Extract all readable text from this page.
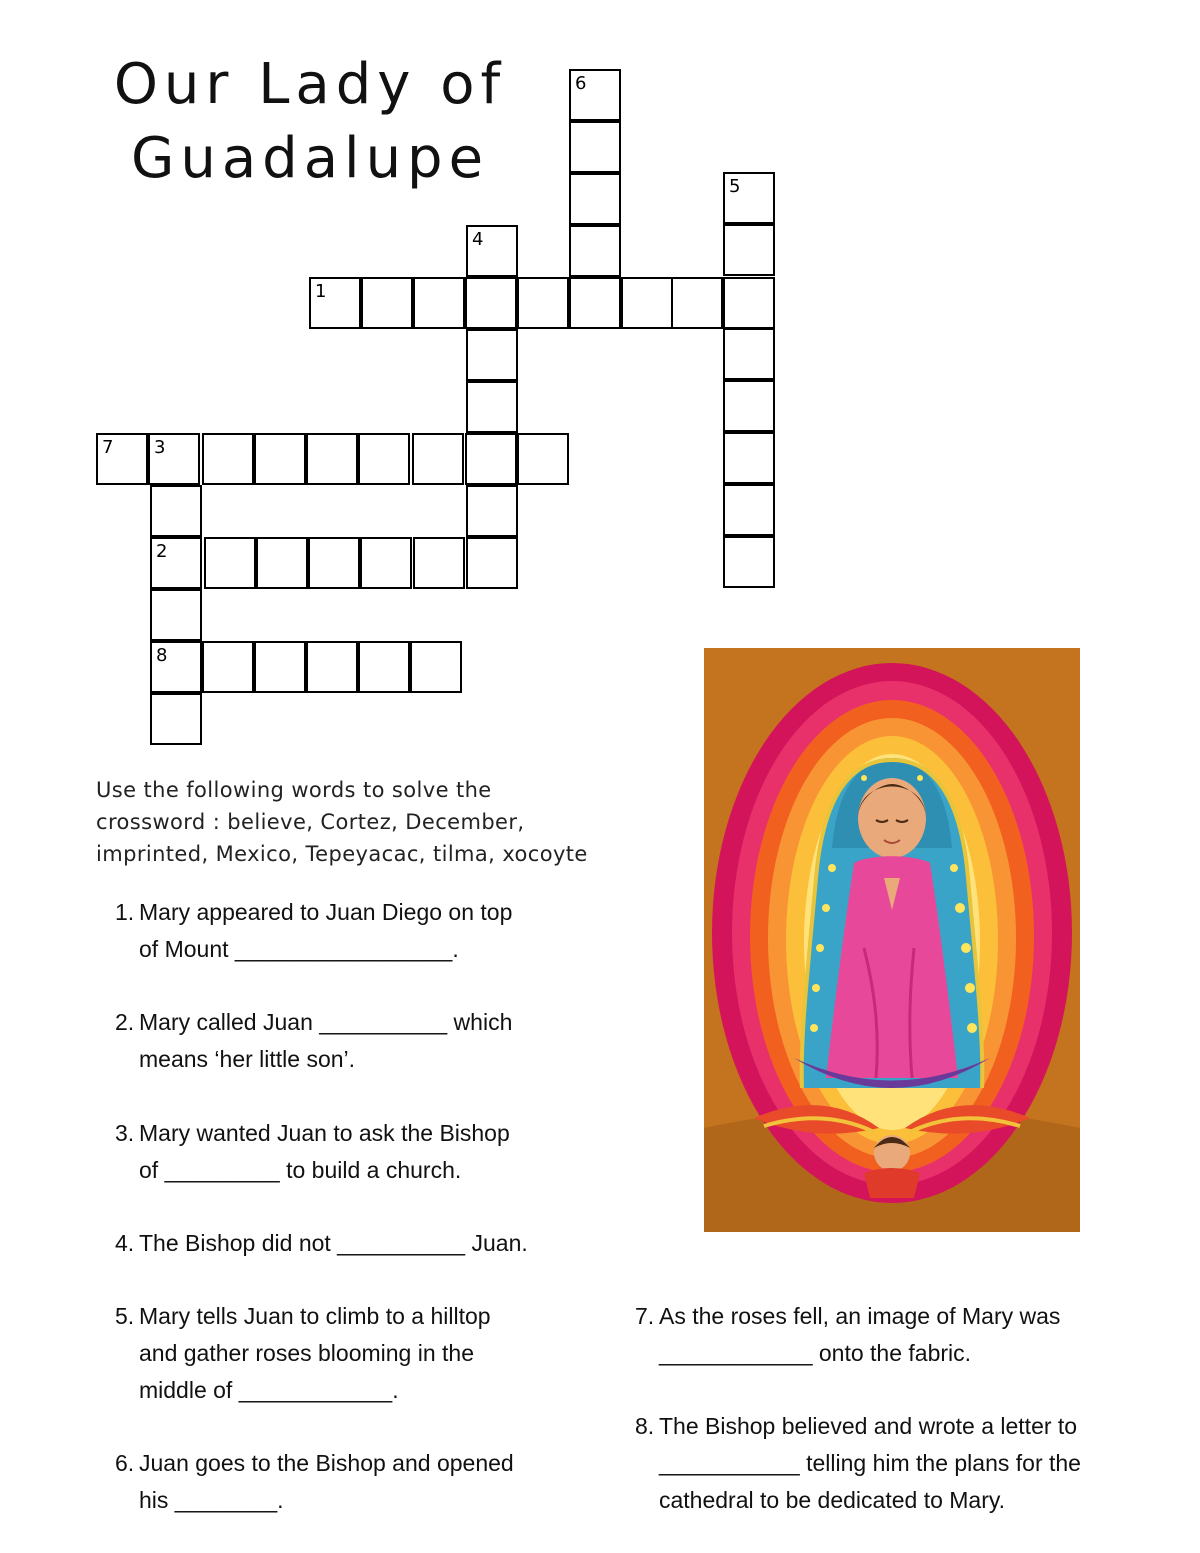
Our Lady of
Guadalupe
6
5
4
1
7 3
2
8
Use the following words to solve the
crossword : believe, Cortez, December,
imprinted, Mexico, Tepeyacac, tilma, xocoyte
1. Mary appeared to Juan Diego on top
of Mount _________________.
2. Mary called Juan __________ which
means ‘her little son’.
3. Mary wanted Juan to ask the Bishop
of _________ to build a church.
4. The Bishop did not __________ Juan.
5. Mary tells Juan to climb to a hilltop
and gather roses blooming in the
middle of ____________.
6. Juan goes to the Bishop and opened
his ________.
7. As the roses fell, an image of Mary was
____________ onto the fabric.
8. The Bishop believed and wrote a letter to
___________ telling him the plans for the
cathedral to be dedicated to Mary.
